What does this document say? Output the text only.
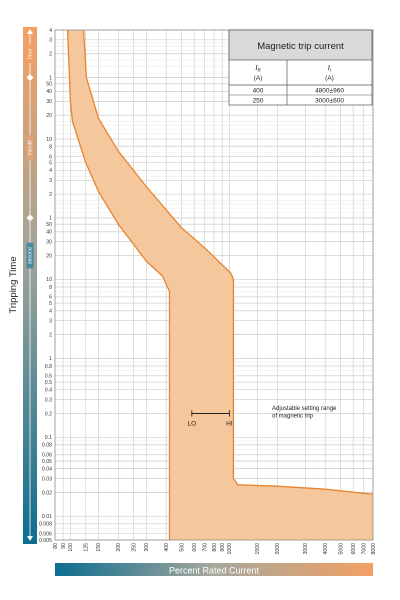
80 90 100 125 150	200 250 300	400 500 600 700 800 900 1000	1500	2000	3000	4000 5000 6000 7000 8000
0.005
0.006
0.008
0.01
0.02
0.03
0.04
0.05
0.06
0.08
0.1
0.2
0.3
0.4
0.5
0.6
0.8
1
2
3
4
5
6
8
10
20
30
40
50
1
2
3
4
5
6
8
10
20
30
40
50
1
2
3
4
hour
minute
second
Tripping Time
Percent Rated Current
LO	HI
Adjustable setting range
of magnetic trip
Magnetic trip current
$I_R$
(A)
$I_i$
(A)
400	4800±960
250	3000±600
